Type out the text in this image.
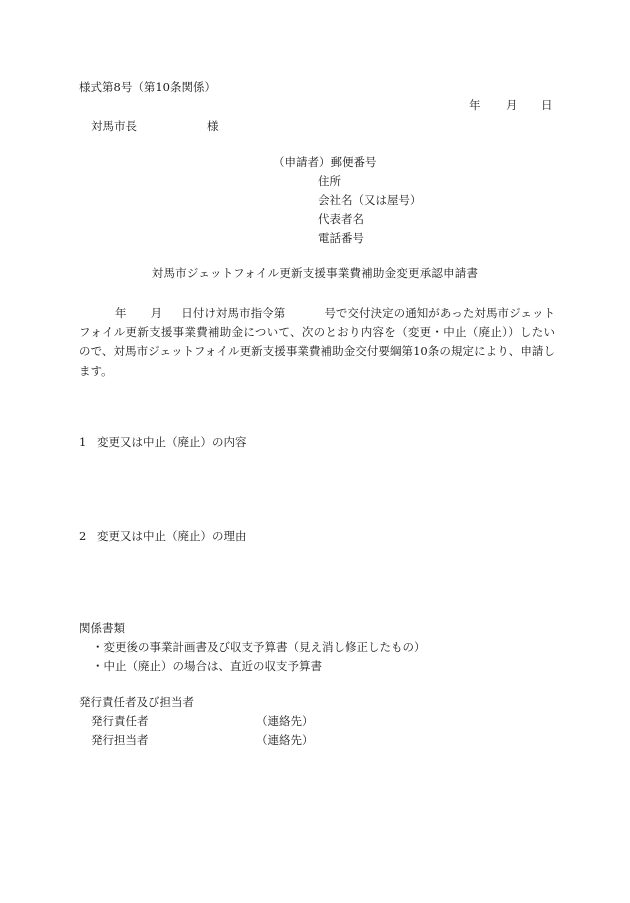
様式第8号（第10条関係）
年 月 日
対馬市長	様
（申請者）郵便番号
住所
会社名（又は屋号）
代表者名
電話番号
対馬市ジェットフォイル更新支援事業費補助金変更承認申請書
年 月 日付け対馬市指令第	号で交付決定の通知があった対馬市ジェットフォイル更新支援事業費補助金について、次のとおり内容を（変更・中止（廃止））したいので、対馬市ジェットフォイル更新支援事業費補助金交付要綱第10条の規定により、申請します。
1 変更又は中止（廃止）の内容
2 変更又は中止（廃止）の理由
関係書類
・変更後の事業計画書及び収支予算書（見え消し修正したもの）
・中止（廃止）の場合は、直近の収支予算書
発行責任者及び担当者
発行責任者	（連絡先）
発行担当者	（連絡先）
